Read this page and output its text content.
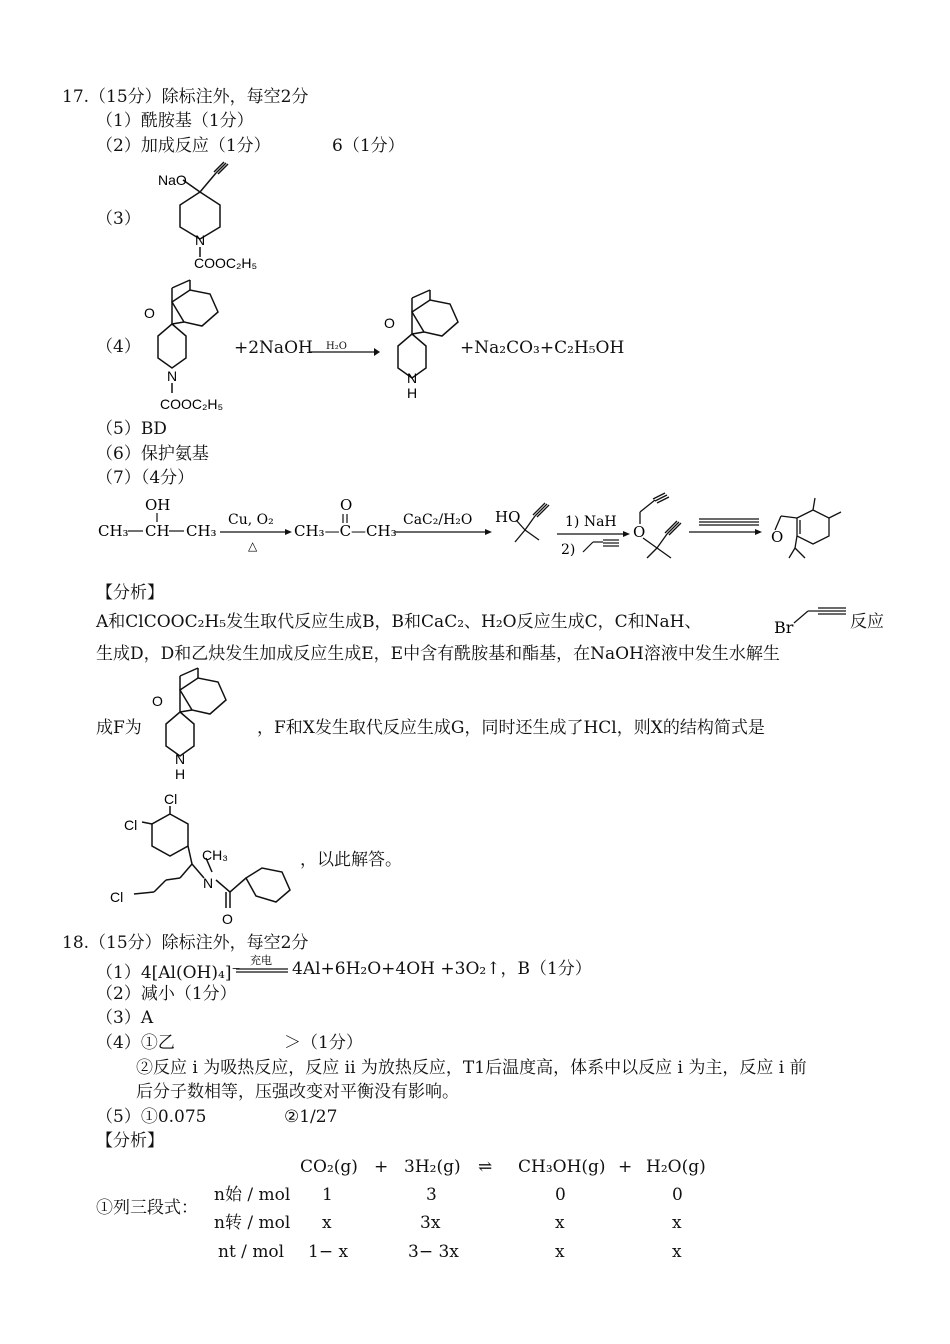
17.（15分）除标注外，每空2分
（1）酰胺基（1分）
（2）加成反应（1分）	6（1分）
（3）
NaO
N
COOC₂H₅
（4）
O
N
COOC₂H₅
+2NaOH H₂O
O
N
H
+Na₂CO₃+C₂H₅OH
（5）BD
（6）保护氨基
（7）（4分）
OH
CH₃ CH CH₃
Cu, O₂
△
O
CH₃—C—CH₃
CaC₂/H₂O HO	1) NaH
2)
O	O
【分析】
A和ClCOOC₂H₅发生取代反应生成B，B和CaC₂、H₂O反应生成C，C和NaH、	Br	反应
生成D，D和乙炔发生加成反应生成E，E中含有酰胺基和酯基，在NaOH溶液中发生水解生
成F为
O
N
H
，F和X发生取代反应生成G，同时还生成了HCl，则X的结构简式是
Cl
Cl
Cl
CH₃
N
O
，以此解答。
18.（15分）除标注外，每空2分
（1）4[Al(OH)₄]−
充电 4Al+6H₂O+4OH +3O₂↑，B（1分）
（2）减小（1分）
（3）A
（4）①乙	＞（1分）
②反应 i 为吸热反应，反应 ii 为放热反应，T1后温度高，体系中以反应 i 为主，反应 i 前
后分子数相等，压强改变对平衡没有影响。
（5）①0.075	②1/27
【分析】
CO₂(g) + 3H₂(g) ⇌ CH₃OH(g) + H₂O(g)
①列三段式：
n始 / mol 1	3	0	0
n转 / mol x	3x	x	x
nt / mol 1− x	3− 3x	x	x
